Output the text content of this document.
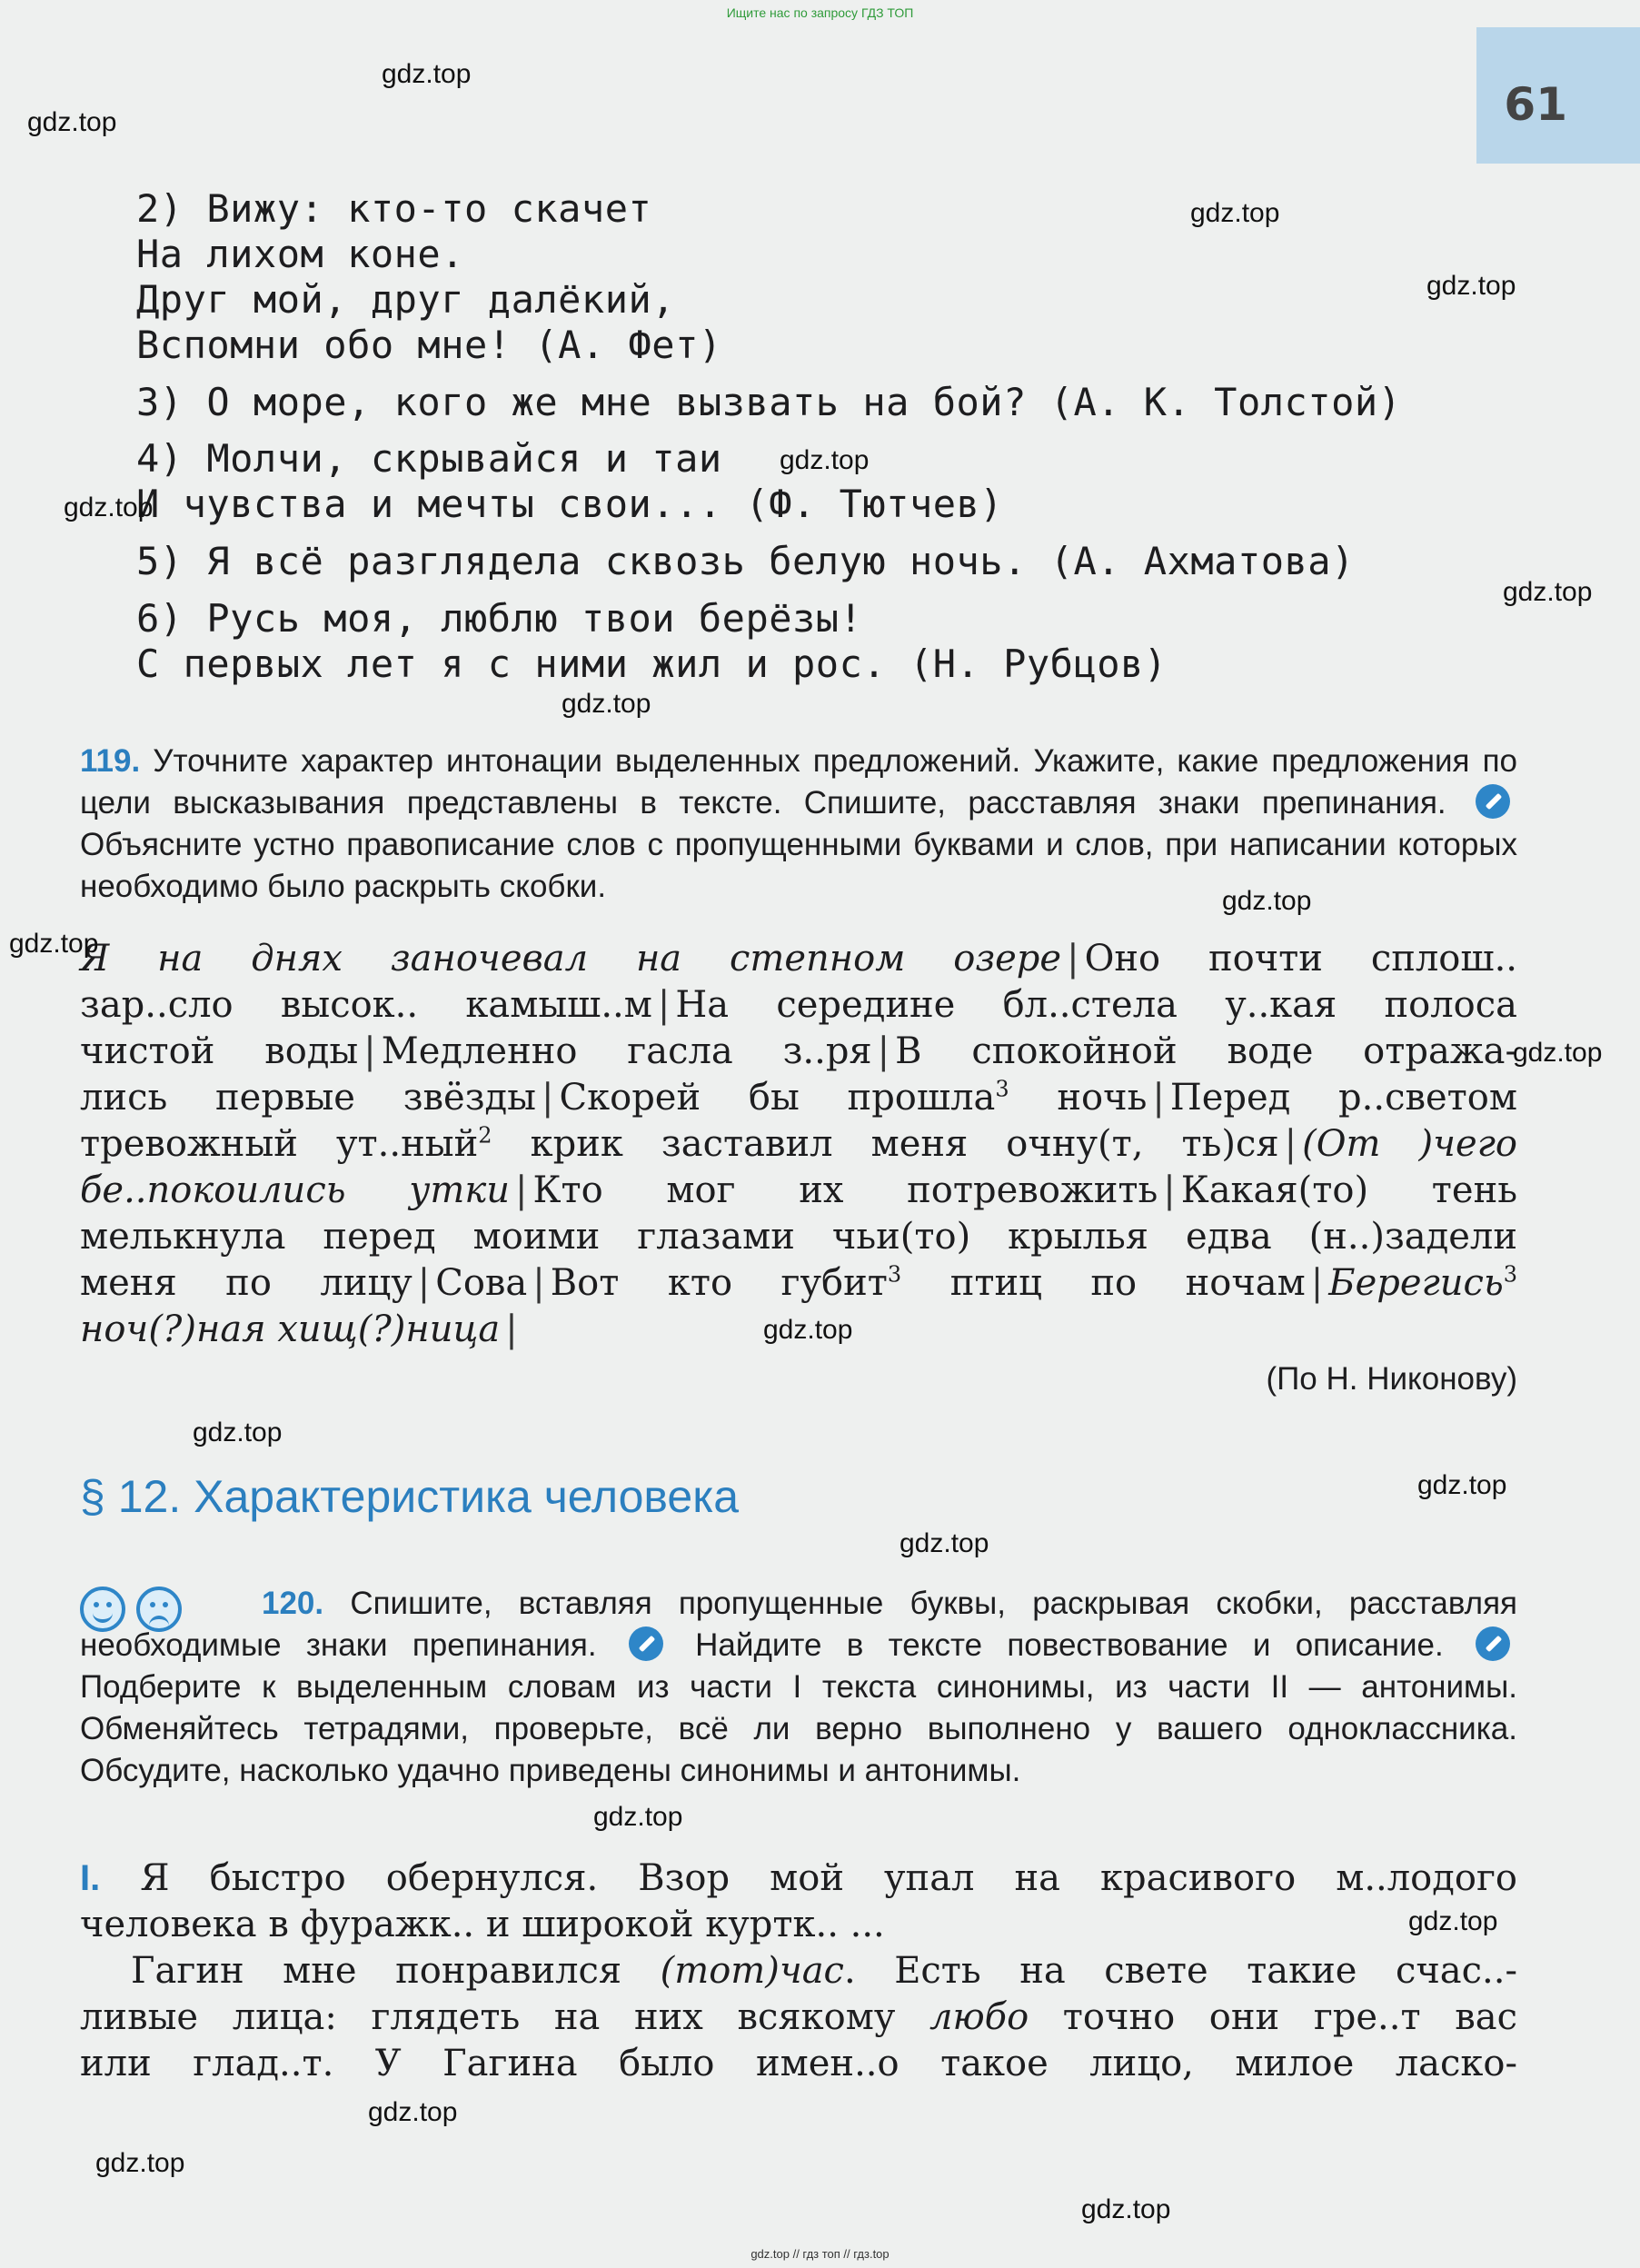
Ищите нас по запросу ГДЗ ТОП
61
2) Вижу: кто-то скачет
На лихом коне.
Друг мой, друг далёкий,
Вспомни обо мне! (А. Фет)
3) О море, кого же мне вызвать на бой? (А. К. Толстой)
4) Молчи, скрывайся и таи
И чувства и мечты свои... (Ф. Тютчев)
5) Я всё разглядела сквозь белую ночь. (А. Ахматова)
6) Русь моя, люблю твои берёзы!
С первых лет я с ними жил и рос. (Н. Рубцов)
119. Уточните характер интонации выделенных предложений. Укажите, какие предложения по цели высказывания представлены в тексте. Спишите, расставляя знаки препинания.  Объясните устно правописание слов с пропущенными буквами и слов, при написании которых необходимо было раскрыть скобки.
Я на днях заночевал на степном озере | Оно почти сплош..
зар..сло высок.. камыш..м | На середине бл..стела у..кая полоса
чистой воды | Медленно гасла з..ря | В спокойной воде отража-
лись первые звёзды | Скорей бы прошла$^3$ ночь | Перед р..светом
тревожный ут..ный$^2$ крик заставил меня очну(т, ть)ся | (От )чего
бе..покоились утки | Кто мог их потревожить | Какая(то) тень
мелькнула перед моими глазами чьи(то) крылья едва (н..)задели
меня по лицу | Сова | Вот кто губит$^3$ птиц по ночам | Берегись$^3$
ноч(?)ная хищ(?)ница |
(По Н. Никонову)
§ 12. Характеристика человека
120. Спишите, вставляя пропущенные буквы, раскрывая скобки, расставляя необходимые знаки препинания.	Найдите в тексте повествование и описание.  Подберите к выделенным словам из части I текста синонимы, из части II — антонимы. Обменяйтесь тетрадями, проверьте, всё ли верно выполнено у вашего одноклассника. Обсудите, насколько удачно приведены синонимы и антонимы.
I. Я быстро обернулся. Взор мой упал на красивого м..лодого
человека в фуражк.. и широкой куртк.. ...
Гагин мне понравился (тот)час. Есть на свете такие счас..-
ливые лица: глядеть на них всякому любо точно они гре..т вас
или глад..т. У Гагина было имен..о такое лицо, милое ласко-
gdz.top
gdz.top
gdz.top
gdz.top
gdz.top
gdz.top
gdz.top
gdz.top
gdz.top
gdz.top
gdz.top
gdz.top
gdz.top
gdz.top
gdz.top
gdz.top
gdz.top
gdz.top
gdz.top
gdz.top
gdz.top // гдз топ // гдз.top
